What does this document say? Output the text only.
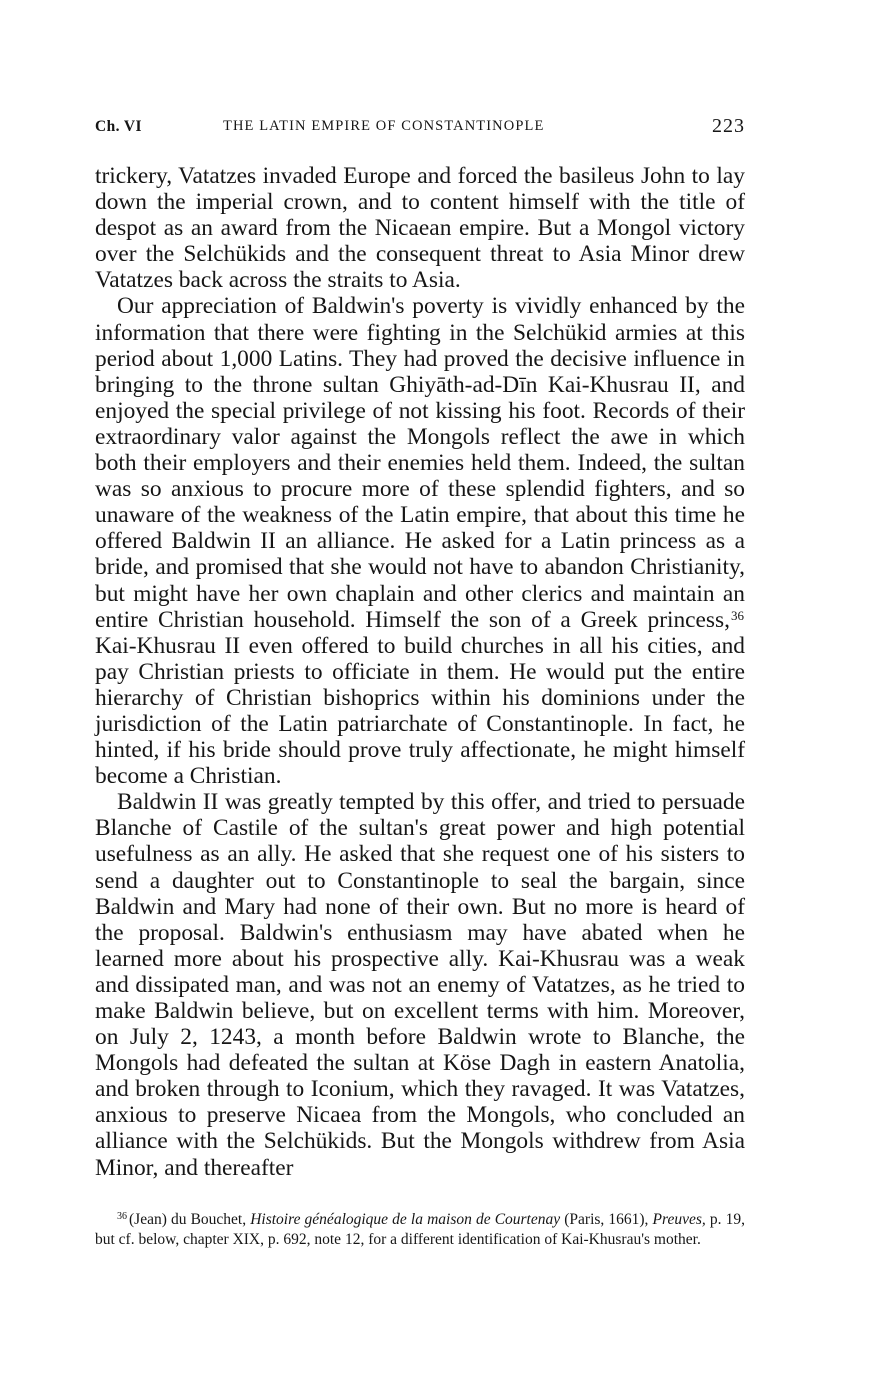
Ch. VI	THE LATIN EMPIRE OF CONSTANTINOPLE	223

trickery, Vatatzes invaded Europe and forced the basileus John to lay down the imperial crown, and to content himself with the title of despot as an award from the Nicaean empire. But a Mongol victory over the Selchükids and the consequent threat to Asia Minor drew Vatatzes back across the straits to Asia.

Our appreciation of Baldwin's poverty is vividly enhanced by the information that there were fighting in the Selchükid armies at this period about 1,000 Latins. They had proved the decisive influence in bringing to the throne sultan Ghiyāth-ad-Dīn Kai-Khusrau II, and enjoyed the special privilege of not kissing his foot. Records of their extraordinary valor against the Mongols reflect the awe in which both their employers and their enemies held them. Indeed, the sultan was so anxious to procure more of these splendid fighters, and so unaware of the weakness of the Latin empire, that about this time he offered Baldwin II an alliance. He asked for a Latin princess as a bride, and promised that she would not have to abandon Christianity, but might have her own chaplain and other clerics and maintain an entire Christian household. Himself the son of a Greek princess,$^{36}$ Kai-Khusrau II even offered to build churches in all his cities, and pay Christian priests to officiate in them. He would put the entire hierarchy of Christian bishoprics within his dominions under the jurisdiction of the Latin patriarchate of Constantinople. In fact, he hinted, if his bride should prove truly affectionate, he might himself become a Christian.

Baldwin II was greatly tempted by this offer, and tried to persuade Blanche of Castile of the sultan's great power and high potential usefulness as an ally. He asked that she request one of his sisters to send a daughter out to Constantinople to seal the bargain, since Baldwin and Mary had none of their own. But no more is heard of the proposal. Baldwin's enthusiasm may have abated when he learned more about his prospective ally. Kai-Khusrau was a weak and dissipated man, and was not an enemy of Vatatzes, as he tried to make Baldwin believe, but on excellent terms with him. Moreover, on July 2, 1243, a month before Baldwin wrote to Blanche, the Mongols had defeated the sultan at Köse Dagh in eastern Anatolia, and broken through to Iconium, which they ravaged. It was Vatatzes, anxious to preserve Nicaea from the Mongols, who concluded an alliance with the Selchükids. But the Mongols withdrew from Asia Minor, and thereafter

$^{36}$ (Jean) du Bouchet, Histoire généalogique de la maison de Courtenay (Paris, 1661), Preuves, p. 19, but cf. below, chapter XIX, p. 692, note 12, for a different identification of Kai-Khusrau's mother.
